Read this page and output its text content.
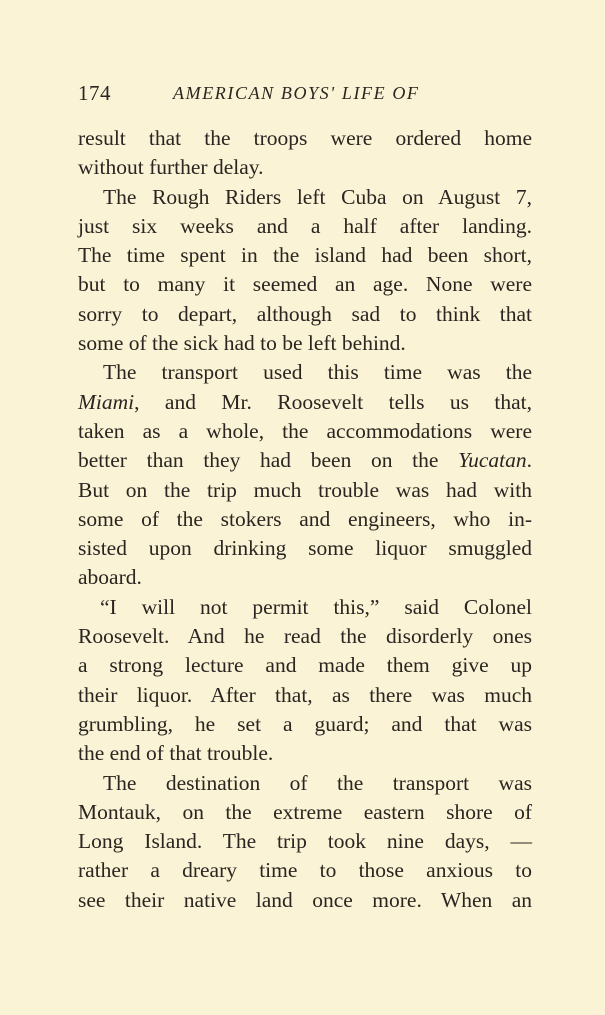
174	AMERICAN BOYS' LIFE OF

result that the troops were ordered home
without further delay.

The Rough Riders left Cuba on August 7,
just six weeks and a half after landing.
The time spent in the island had been short,
but to many it seemed an age. None were
sorry to depart, although sad to think that
some of the sick had to be left behind.

The transport used this time was the
Miami, and Mr. Roosevelt tells us that,
taken as a whole, the accommodations were
better than they had been on the Yucatan.
But on the trip much trouble was had with
some of the stokers and engineers, who in-
sisted upon drinking some liquor smuggled
aboard.

“I will not permit this,” said Colonel
Roosevelt. And he read the disorderly ones
a strong lecture and made them give up
their liquor. After that, as there was much
grumbling, he set a guard; and that was
the end of that trouble.

The destination of the transport was
Montauk, on the extreme eastern shore of
Long Island. The trip took nine days, —
rather a dreary time to those anxious to
see their native land once more. When an
